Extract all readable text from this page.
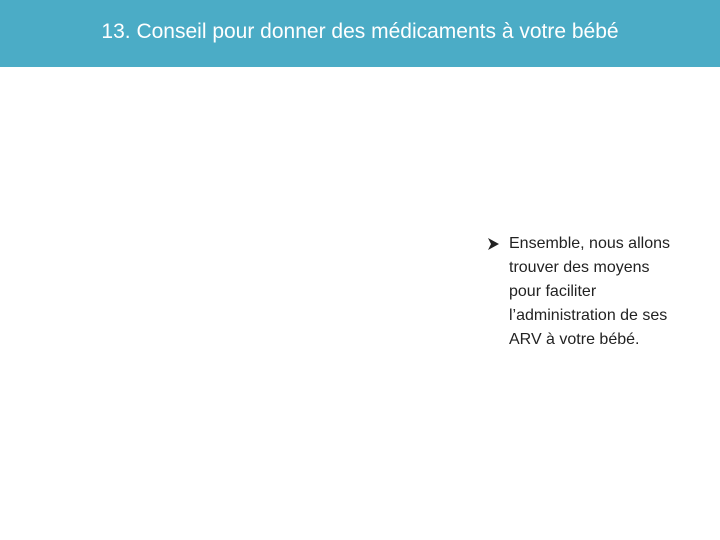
13. Conseil pour donner des médicaments à votre bébé
Ensemble, nous allons trouver des moyens pour faciliter l’administration de ses ARV à votre bébé.
